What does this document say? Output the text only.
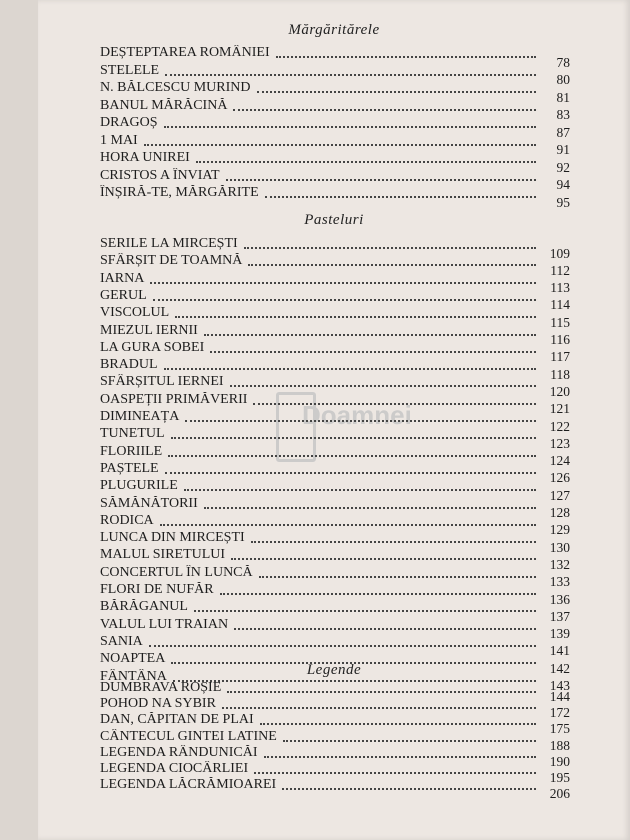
Doamnei
Mărgăritărele
DEȘTEPTAREA ROMÂNIEI
78
STELELE
80
N. BĂLCESCU MURIND
81
BANUL MĂRĂCINĂ
83
DRAGOȘ
87
1 MAI
91
HORA UNIREI
92
CRISTOS A ÎNVIAT
94
ÎNȘIRĂ-TE, MĂRGĂRITE
95
Pasteluri
SERILE LA MIRCEȘTI
109
SFÂRȘIT DE TOAMNĂ
112
IARNA
113
GERUL
114
VISCOLUL
115
MIEZUL IERNII
116
LA GURA SOBEI
117
BRADUL
118
SFÂRȘITUL IERNEI
120
OASPEȚII PRIMĂVERII
121
DIMINEAȚA
122
TUNETUL
123
FLORIILE
124
PAȘTELE
126
PLUGURILE
127
SĂMĂNĂTORII
128
RODICA
129
LUNCA DIN MIRCEȘTI
130
MALUL SIRETULUI
132
CONCERTUL ÎN LUNCĂ
133
FLORI DE NUFĂR
136
BĂRĂGANUL
137
VALUL LUI TRAIAN
139
SANIA
141
NOAPTEA
142
FÂNTÂNA
143
Legende
DUMBRAVA ROȘIE
144
POHOD NA SYBIR
172
DAN, CĂPITAN DE PLAI
175
CÂNTECUL GINTEI LATINE
188
LEGENDA RÂNDUNICĂI
190
LEGENDA CIOCÂRLIEI
195
LEGENDA LĂCRĂMIOAREI
206
